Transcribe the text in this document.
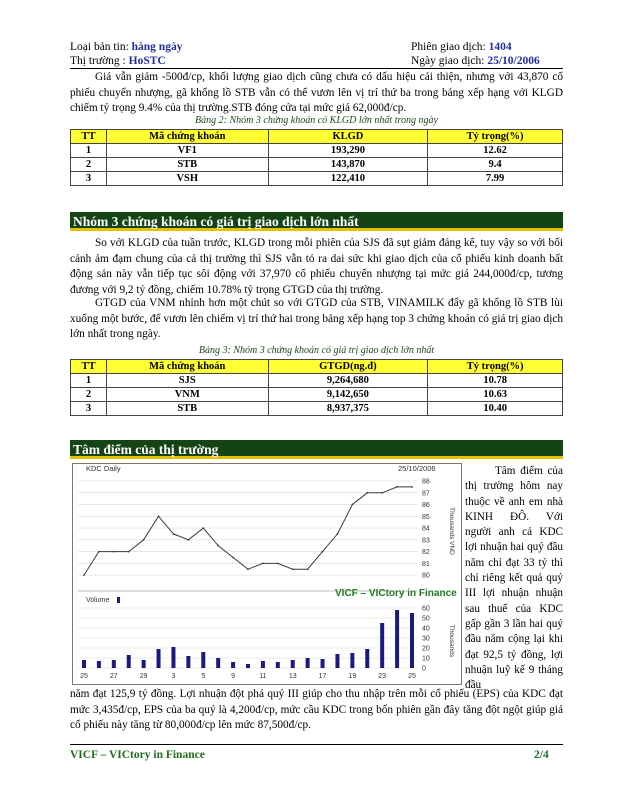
Loại bản tin: hàng ngày
Thị trường : HoSTC
Phiên giao dịch: 1404
Ngày giao dịch: 25/10/2006
Giá vẫn giảm -500đ/cp, khối lượng giao dịch cũng chưa có dấu hiệu cải thiện, nhưng với 43,870 cổ phiếu chuyển nhượng, gã khổng lồ STB vẫn có thể vươn lên vị trí thứ ba trong bảng xếp hạng với KLGD chiếm tỷ trọng 9.4% của thị trường.STB đóng cửa tại mức giá 62,000đ/cp.
Bảng 2: Nhóm 3 chứng khoán có KLGD lớn nhất trong ngày
TT	Mã chứng khoán	KLGD	Tỷ trọng(%)
1	VF1	193,290	12.62
2	STB	143,870	9.4
3	VSH	122,410	7.99
Nhóm 3 chứng khoán có giá trị giao dịch lớn nhất
So với KLGD của tuần trước, KLGD trong mỗi phiên của SJS đã sụt giảm đáng kể, tuy vậy so với bối cảnh ảm đạm chung của cả thị trường thì SJS vẫn tỏ ra dai sức khi giao dịch của cổ phiếu kinh doanh bất động sản này vẫn tiếp tục sôi động với 37,970 cổ phiếu chuyển nhượng tại mức giá 244,000đ/cp, tương đương với 9,2 tỷ đồng, chiếm 10.78% tỷ trọng GTGD của thị trường.
GTGD của VNM nhỉnh hơn một chút so với GTGD của STB, VINAMILK đẩy gã khổng lồ STB lùi xuống một bước, để vươn lên chiếm vị trí thứ hai trong bảng xếp hạng top 3 chứng khoán có giá trị giao dịch lớn nhất trong ngày.
Bảng 3: Nhóm 3 chứng khoán có giá trị giao dịch lớn nhất
TT	Mã chứng khoán	GTGD(ng.đ)	Tỷ trọng(%)
1	SJS	9,264,680	10.78
2	VNM	9,142,650	10.63
3	STB	8,937,375	10.40
Tâm điểm của thị trường
80
81
82
83
84
85
86
87
88
0
10
20
30
40
50
60
KDC Daily	25/10/2006
VICF – VICtory in Finance
Volume
Thousands VND
Thousands
25	27	29	3	5	9	11	13	17	19	23	25
Tâm điểm của thị trường hôm nay thuộc về anh em nhà KINH ĐÔ. Với người anh cả KDC lợi nhuận hai quý đầu năm chỉ đạt 33 tỷ thì chỉ riêng kết quả quý III lợi nhuận nhuận sau thuế của KDC gấp gần 3 lần hai quý đầu năm cộng lại khi đạt 92,5 tỷ đồng, lợi nhuận luỹ kế 9 tháng đầu
năm đạt 125,9 tỷ đồng. Lợi nhuận đột phá quý III giúp cho thu nhập trên mỗi cổ phiếu (EPS) của KDC đạt mức 3,435đ/cp, EPS của ba quý là 4,200đ/cp, mức cầu KDC trong bốn phiên gần đây tăng đột ngột giúp giá cổ phiếu này tăng từ 80,000đ/cp lên mức 87,500đ/cp.
VICF – VICtory in Finance	2/4
